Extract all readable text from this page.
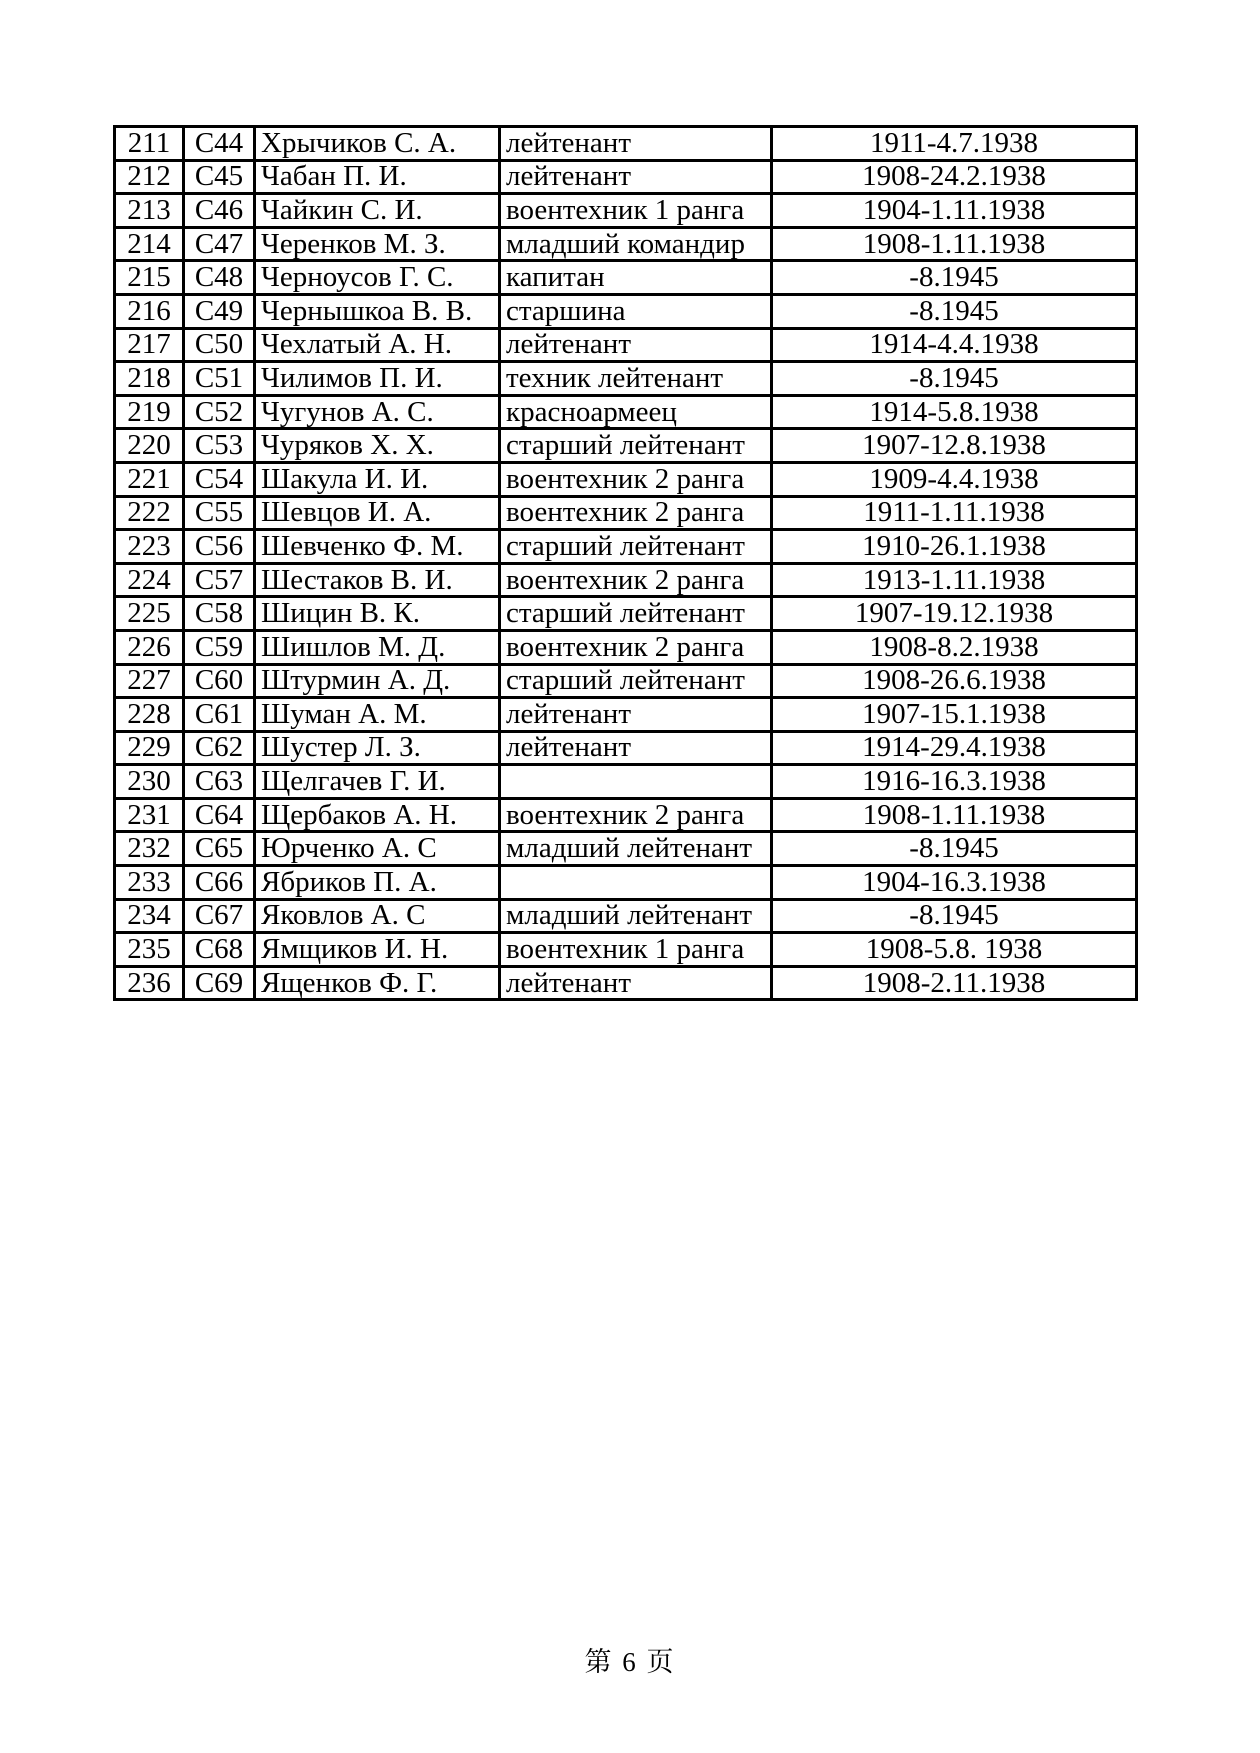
211	С44	Хрычиков С. А.	лейтенант	1911-4.7.1938
212	С45	Чабан П. И.	лейтенант	1908-24.2.1938
213	С46	Чайкин С. И.	воентехник 1 ранга	1904-1.11.1938
214	С47	Черенков М. З.	младший командир	1908-1.11.1938
215	С48	Черноусов Г. С.	капитан	-8.1945
216	С49	Чернышкоа В. В.	старшина	-8.1945
217	С50	Чехлатый А. Н.	лейтенант	1914-4.4.1938
218	С51	Чилимов П. И.	техник лейтенант	-8.1945
219	С52	Чугунов А. С.	красноармеец	1914-5.8.1938
220	С53	Чуряков Х. Х.	старший лейтенант	1907-12.8.1938
221	С54	Шакула И. И.	воентехник 2 ранга	1909-4.4.1938
222	С55	Шевцов И. А.	воентехник 2 ранга	1911-1.11.1938
223	С56	Шевченко Ф. М.	старший лейтенант	1910-26.1.1938
224	С57	Шестаков В. И.	воентехник 2 ранга	1913-1.11.1938
225	С58	Шицин В. К.	старший лейтенант	1907-19.12.1938
226	С59	Шишлов М. Д.	воентехник 2 ранга	1908-8.2.1938
227	С60	Штурмин А. Д.	старший лейтенант	1908-26.6.1938
228	С61	Шуман А. М.	лейтенант	1907-15.1.1938
229	С62	Шустер Л. З.	лейтенант	1914-29.4.1938
230	С63	Щелгачев Г. И.		1916-16.3.1938
231	С64	Щербаков А. Н.	воентехник 2 ранга	1908-1.11.1938
232	С65	Юрченко А. С	младший лейтенант	-8.1945
233	С66	Ябриков П. А.		1904-16.3.1938
234	С67	Яковлов А. С	младший лейтенант	-8.1945
235	С68	Ямщиков И. Н.	воентехник 1 ранга	1908-5.8. 1938
236	С69	Ященков Ф. Г.	лейтенант	1908-2.11.1938
第 6 页
